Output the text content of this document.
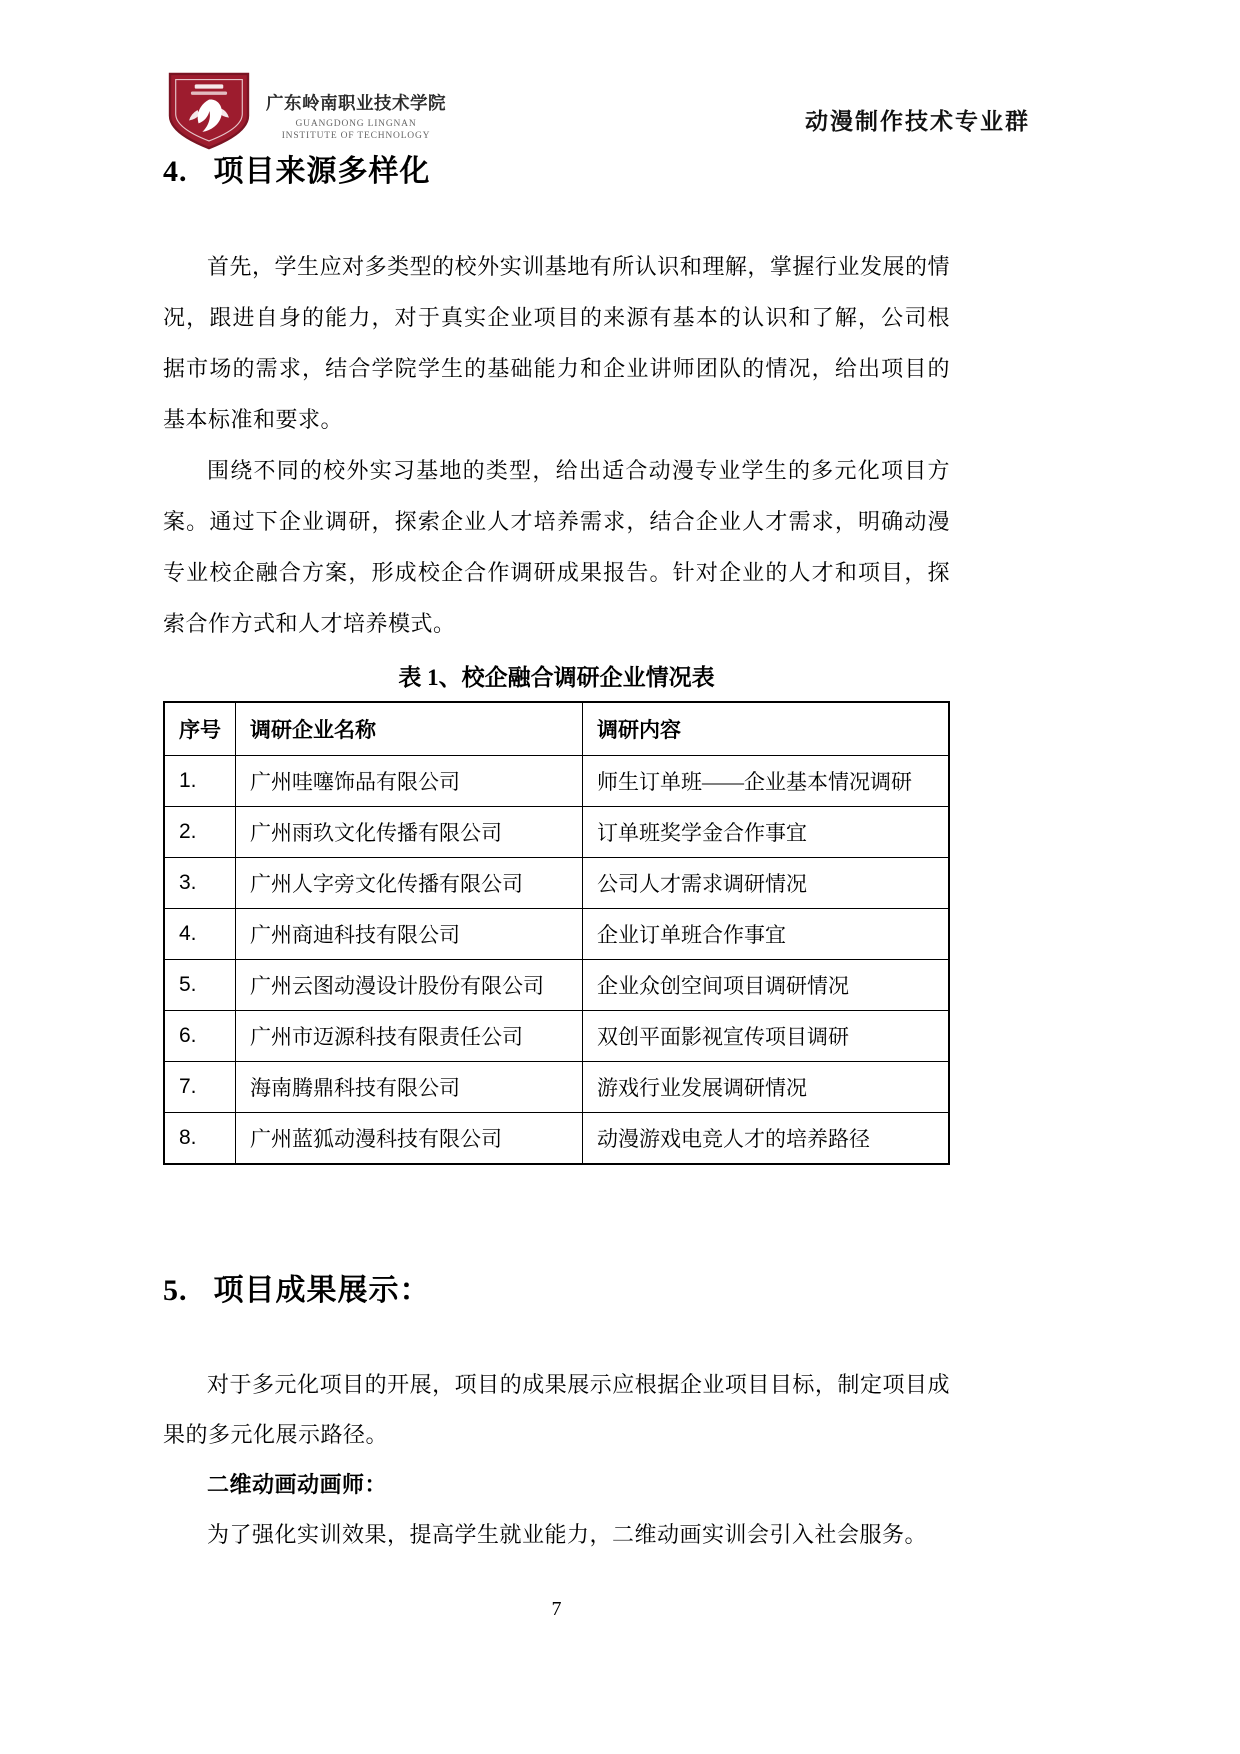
广东岭南职业技术学院
GUANGDONG LINGNAN
INSTITUTE OF TECHNOLOGY
动漫制作技术专业群
4. 项目来源多样化

首先，学生应对多类型的校外实训基地有所认识和理解，掌握行业发展的情况，跟进自身的能力，对于真实企业项目的来源有基本的认识和了解，公司根据市场的需求，结合学院学生的基础能力和企业讲师团队的情况，给出项目的基本标准和要求。

围绕不同的校外实习基地的类型，给出适合动漫专业学生的多元化项目方案。通过下企业调研，探索企业人才培养需求，结合企业人才需求，明确动漫专业校企融合方案，形成校企合作调研成果报告。针对企业的人才和项目，探索合作方式和人才培养模式。

表 1、校企融合调研企业情况表
序号	调研企业名称	调研内容
1.	广州哇噻饰品有限公司	师生订单班——企业基本情况调研
2.	广州雨玖文化传播有限公司	订单班奖学金合作事宜
3.	广州人字旁文化传播有限公司	公司人才需求调研情况
4.	广州商迪科技有限公司	企业订单班合作事宜
5.	广州云图动漫设计股份有限公司	企业众创空间项目调研情况
6.	广州市迈源科技有限责任公司	双创平面影视宣传项目调研
7.	海南腾鼎科技有限公司	游戏行业发展调研情况
8.	广州蓝狐动漫科技有限公司	动漫游戏电竞人才的培养路径
5. 项目成果展示：

对于多元化项目的开展，项目的成果展示应根据企业项目目标，制定项目成果的多元化展示路径。

二维动画动画师：

为了强化实训效果，提高学生就业能力，二维动画实训会引入社会服务。

7
